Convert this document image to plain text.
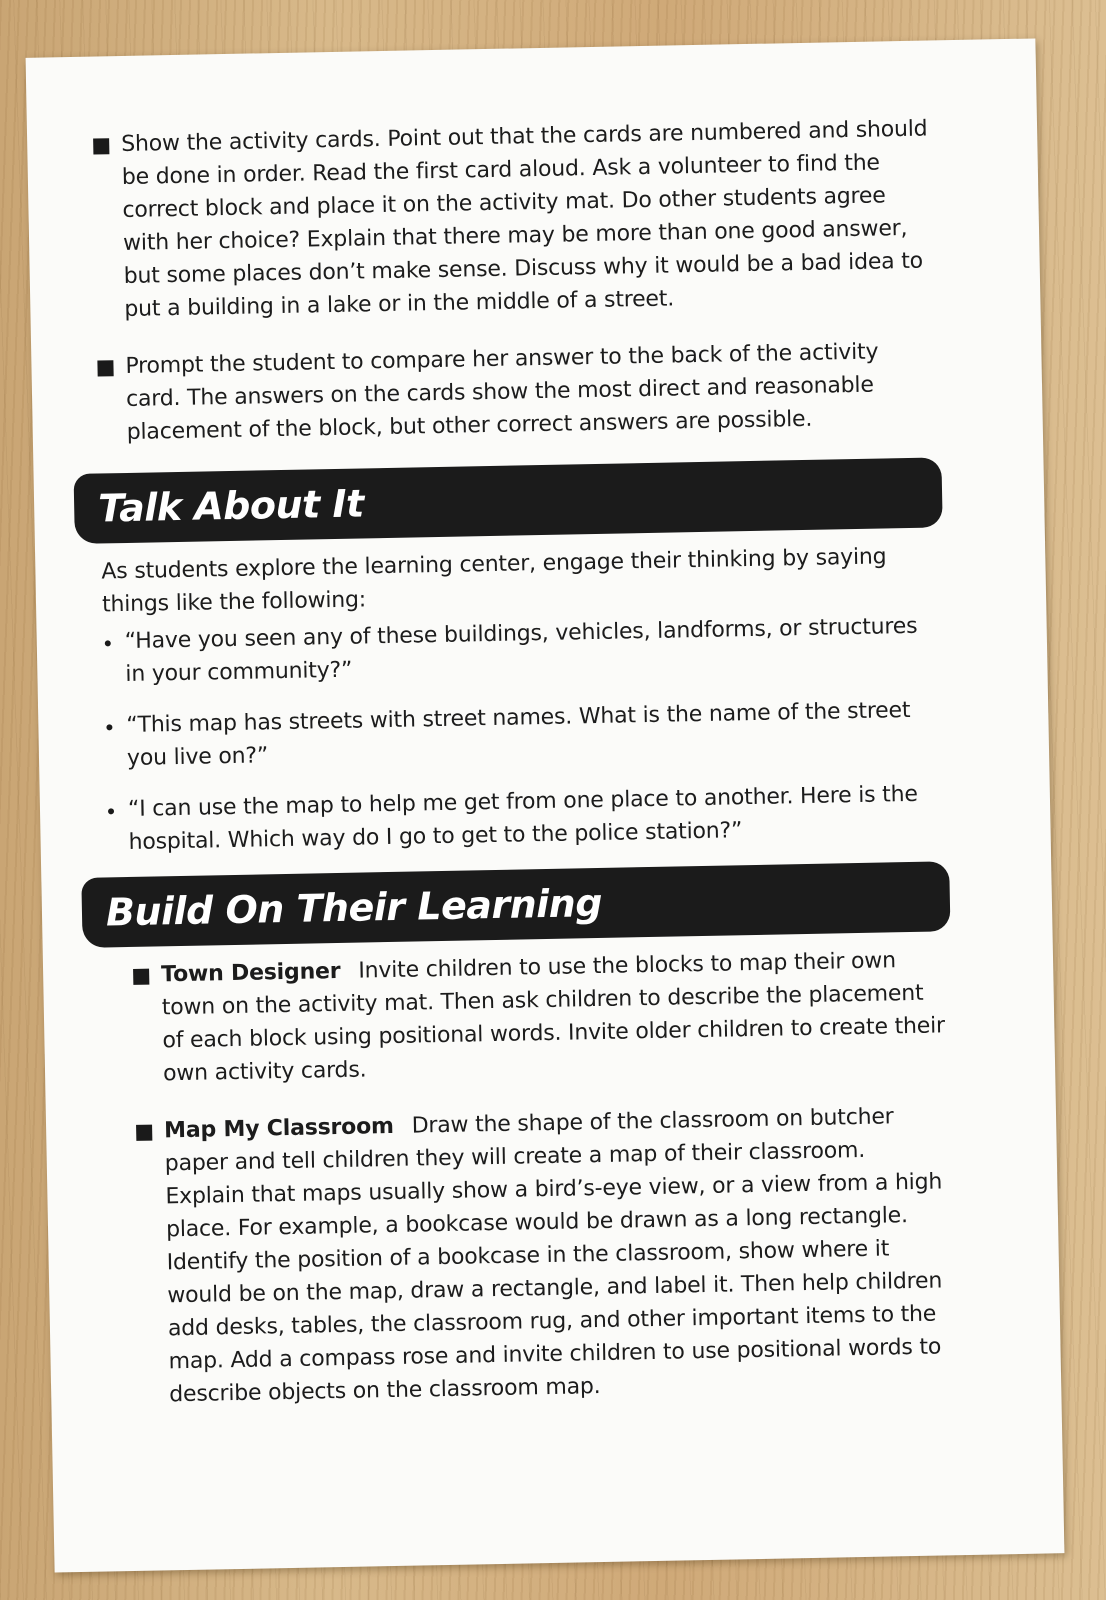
Show the activity cards. Point out that the cards are numbered and should be done in order. Read the first card aloud. Ask a volunteer to find the correct block and place it on the activity mat. Do other students agree with her choice? Explain that there may be more than one good answer, but some places don’t make sense. Discuss why it would be a bad idea to put a building in a lake or in the middle of a street.
Prompt the student to compare her answer to the back of the activity card. The answers on the cards show the most direct and reasonable placement of the block, but other correct answers are possible.
Talk About It
As students explore the learning center, engage their thinking by saying things like the following:
“Have you seen any of these buildings, vehicles, landforms, or structures in your community?”
“This map has streets with street names. What is the name of the street you live on?”
“I can use the map to help me get from one place to another. Here is the hospital. Which way do I go to get to the police station?”
Build On Their Learning
Town Designer Invite children to use the blocks to map their own town on the activity mat. Then ask children to describe the placement of each block using positional words. Invite older children to create their own activity cards.
Map My Classroom Draw the shape of the classroom on butcher paper and tell children they will create a map of their classroom. Explain that maps usually show a bird’s-eye view, or a view from a high place. For example, a bookcase would be drawn as a long rectangle. Identify the position of a bookcase in the classroom, show where it would be on the map, draw a rectangle, and label it. Then help children add desks, tables, the classroom rug, and other important items to the map. Add a compass rose and invite children to use positional words to describe objects on the classroom map.
